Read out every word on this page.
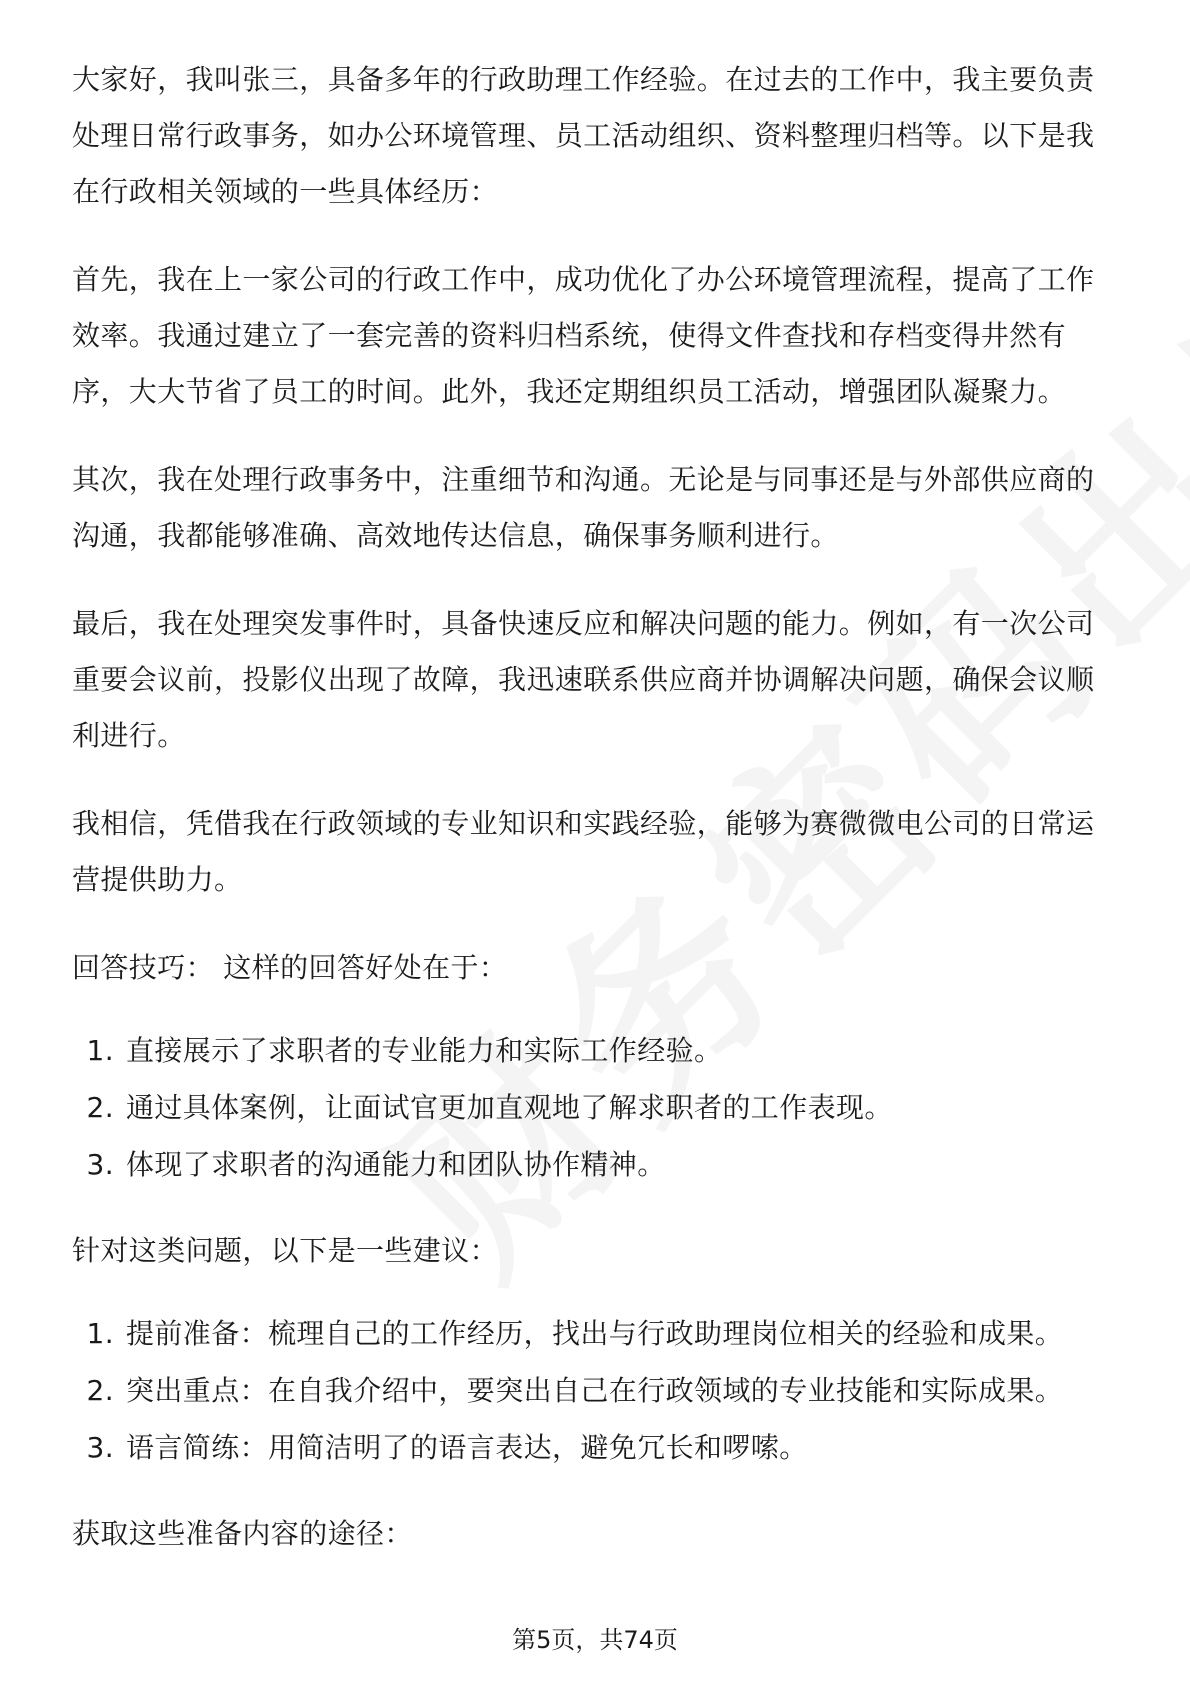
大家好，我叫张三，具备多年的行政助理工作经验。在过去的工作中，我主要负责处理日常行政事务，如办公环境管理、员工活动组织、资料整理归档等。以下是我在行政相关领域的一些具体经历：

首先，我在上一家公司的行政工作中，成功优化了办公环境管理流程，提高了工作效率。我通过建立了一套完善的资料归档系统，使得文件查找和存档变得井然有序，大大节省了员工的时间。此外，我还定期组织员工活动，增强团队凝聚力。

其次，我在处理行政事务中，注重细节和沟通。无论是与同事还是与外部供应商的沟通，我都能够准确、高效地传达信息，确保事务顺利进行。

最后，我在处理突发事件时，具备快速反应和解决问题的能力。例如，有一次公司重要会议前，投影仪出现了故障，我迅速联系供应商并协调解决问题，确保会议顺利进行。

我相信，凭借我在行政领域的专业知识和实践经验，能够为赛微微电公司的日常运营提供助力。

回答技巧： 这样的回答好处在于：

1. 直接展示了求职者的专业能力和实际工作经验。
2. 通过具体案例，让面试官更加直观地了解求职者的工作表现。
3. 体现了求职者的沟通能力和团队协作精神。

针对这类问题，以下是一些建议：

1. 提前准备：梳理自己的工作经历，找出与行政助理岗位相关的经验和成果。
2. 突出重点：在自我介绍中，要突出自己在行政领域的专业技能和实际成果。
3. 语言简练：用简洁明了的语言表达，避免冗长和啰嗦。

获取这些准备内容的途径：

第5页，共74页
